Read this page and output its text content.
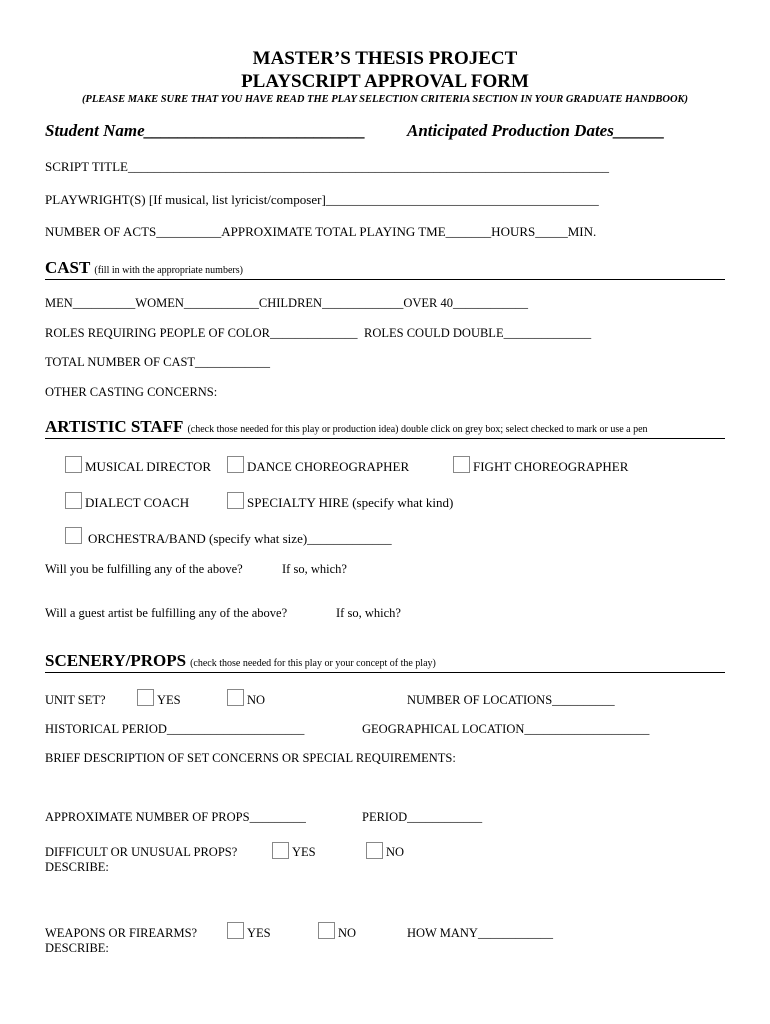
MASTER’S THESIS PROJECT
PLAYSCRIPT APPROVAL FORM
(PLEASE MAKE SURE THAT YOU HAVE READ THE PLAY SELECTION CRITERIA SECTION IN YOUR GRADUATE HANDBOOK)
Student Name__________________________ Anticipated Production Dates______
SCRIPT TITLE__________________________________________________________________________
PLAYWRIGHT(S) [If musical, list lyricist/composer]__________________________________________
NUMBER OF ACTS__________APPROXIMATE TOTAL PLAYING TME_______HOURS_____MIN.
CAST (fill in with the appropriate numbers)
MEN__________WOMEN____________CHILDREN_____________OVER 40____________
ROLES REQUIRING PEOPLE OF COLOR______________ ROLES COULD DOUBLE______________
TOTAL NUMBER OF CAST____________
OTHER CASTING CONCERNS:
ARTISTIC STAFF (check those needed for this play or production idea) double click on grey box; select checked to mark or use a pen
MUSICAL DIRECTOR	DANCE CHOREOGRAPHER	FIGHT CHOREOGRAPHER
DIALECT COACH	SPECIALTY HIRE (specify what kind)
ORCHESTRA/BAND (specify what size)_____________
Will you be fulfilling any of the above?	If so, which?
Will a guest artist be fulfilling any of the above?	If so, which?
SCENERY/PROPS (check those needed for this play or your concept of the play)
UNIT SET?	YES	NO	NUMBER OF LOCATIONS__________
HISTORICAL PERIOD______________________	GEOGRAPHICAL LOCATION____________________
BRIEF DESCRIPTION OF SET CONCERNS OR SPECIAL REQUIREMENTS:
APPROXIMATE NUMBER OF PROPS_________	PERIOD____________
DIFFICULT OR UNUSUAL PROPS?	YES	NO
DESCRIBE:
WEAPONS OR FIREARMS?	YES	NO	HOW MANY____________
DESCRIBE:
